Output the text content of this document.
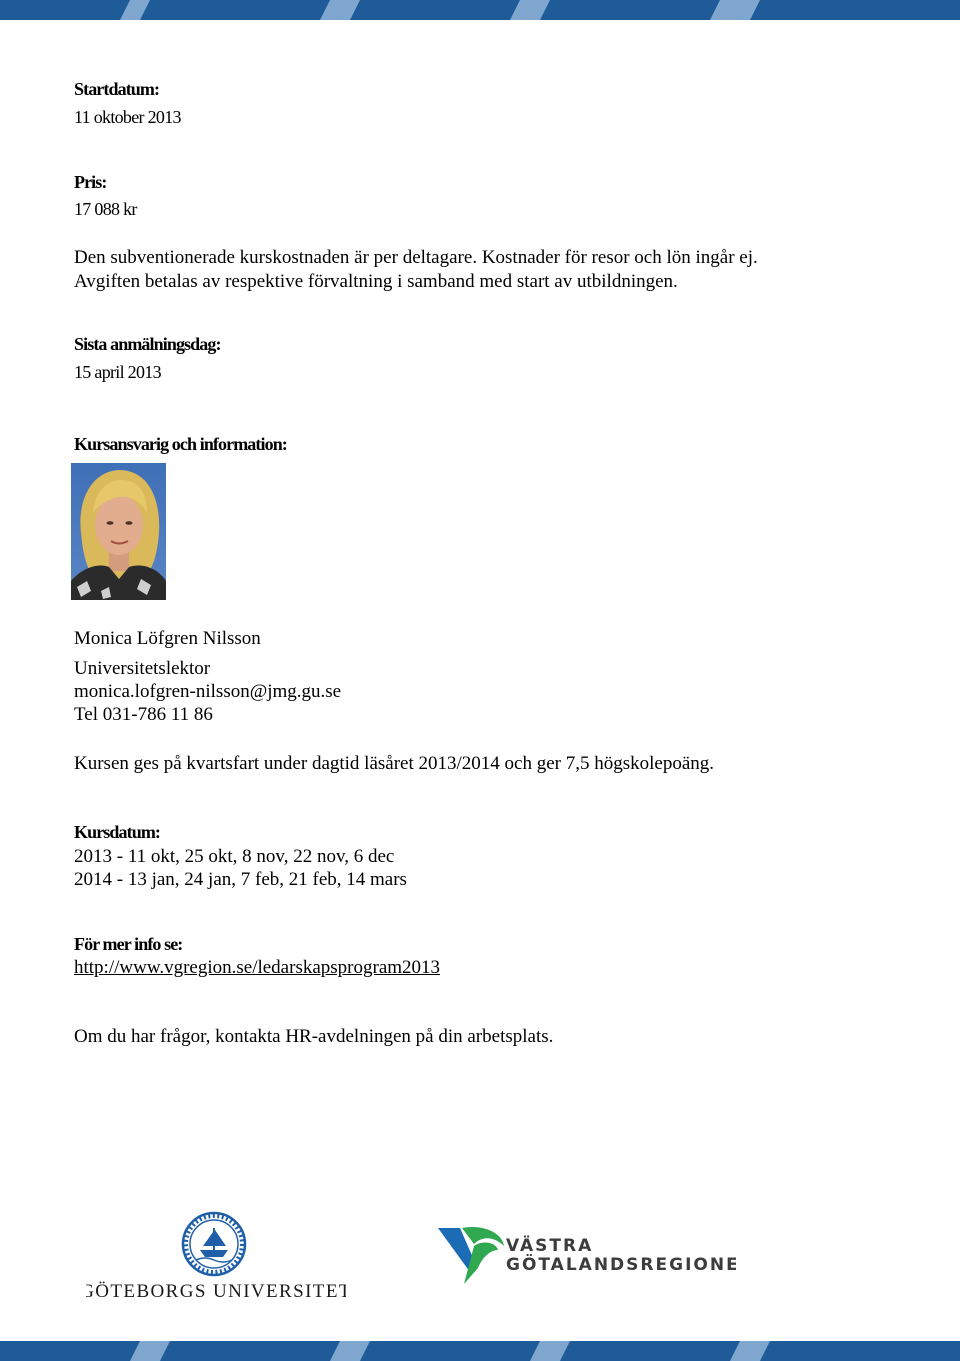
Startdatum:
11 oktober 2013
Pris:
17 088 kr
Den subventionerade kurskostnaden är per deltagare. Kostnader för resor och lön ingår ej.
Avgiften betalas av respektive förvaltning i samband med start av utbildningen.
Sista anmälningsdag:
15 april 2013
Kursansvarig och information:
Monica Löfgren Nilsson
Universitetslektor
monica.lofgren-nilsson@jmg.gu.se
Tel 031-786 11 86
Kursen ges på kvartsfart under dagtid läsåret 2013/2014 och ger 7,5 högskolepoäng.
Kursdatum:
2013 - 11 okt, 25 okt, 8 nov, 22 nov, 6 dec
2014 - 13 jan, 24 jan, 7 feb, 21 feb, 14 mars
För mer info se:
http://www.vgregion.se/ledarskapsprogram2013
Om du har frågor, kontakta HR-avdelningen på din arbetsplats.
GÖTEBORGS UNIVERSITET
VÄSTRA
GÖTALANDSREGIONEN
